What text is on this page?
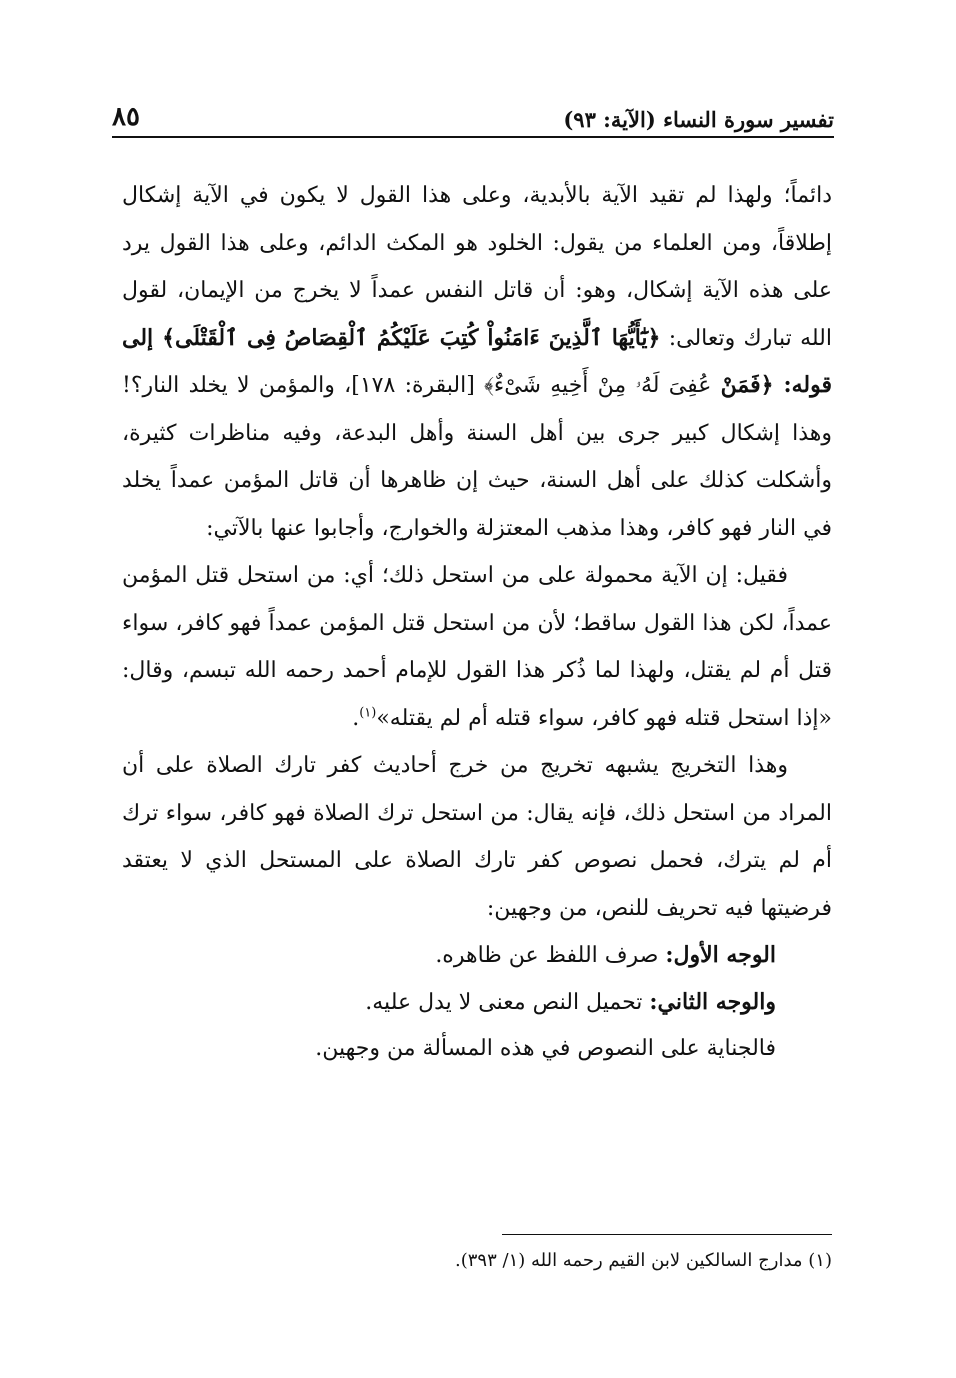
تفسير سورة النساء (الآية: ٩٣)
٨٥

دائماً؛ ولهذا لم تقيد الآية بالأبدية، وعلى هذا القول لا يكون في الآية إشكال إطلاقاً، ومن العلماء من يقول: الخلود هو المكث الدائم، وعلى هذا القول يرد على هذه الآية إشكال، وهو: أن قاتل النفس عمداً لا يخرج من الإيمان، لقول الله تبارك وتعالى: ﴿يَٰٓأَيُّهَا ٱلَّذِينَ ءَامَنُواْ كُتِبَ عَلَيْكُمُ ٱلْقِصَاصُ فِى ٱلْقَتْلَى﴾ إلى قوله: ﴿فَمَنْ عُفِىَ لَهُۥ مِنْ أَخِيهِ شَىْءٌ﴾ [البقرة: ١٧٨]، والمؤمن لا يخلد النار؟! وهذا إشكال كبير جرى بين أهل السنة وأهل البدعة، وفيه مناظرات كثيرة، وأشكلت كذلك على أهل السنة، حيث إن ظاهرها أن قاتل المؤمن عمداً يخلد في النار فهو كافر، وهذا مذهب المعتزلة والخوارج، وأجابوا عنها بالآتي:

فقيل: إن الآية محمولة على من استحل ذلك؛ أي: من استحل قتل المؤمن عمداً، لكن هذا القول ساقط؛ لأن من استحل قتل المؤمن عمداً فهو كافر، سواء قتل أم لم يقتل، ولهذا لما ذُكر هذا القول للإمام أحمد رحمه الله تبسم، وقال: «إذا استحل قتله فهو كافر، سواء قتله أم لم يقتله»$^{(١)}$.

وهذا التخريج يشبهه تخريج من خرج أحاديث كفر تارك الصلاة على أن المراد من استحل ذلك، فإنه يقال: من استحل ترك الصلاة فهو كافر، سواء ترك أم لم يترك، فحمل نصوص كفر تارك الصلاة على المستحل الذي لا يعتقد فرضيتها فيه تحريف للنص، من وجهين:

الوجه الأول: صرف اللفظ عن ظاهره.

والوجه الثاني: تحميل النص معنى لا يدل عليه.

فالجناية على النصوص في هذه المسألة من وجهين.

(١) مدارج السالكين لابن القيم رحمه الله (١/ ٣٩٣).
